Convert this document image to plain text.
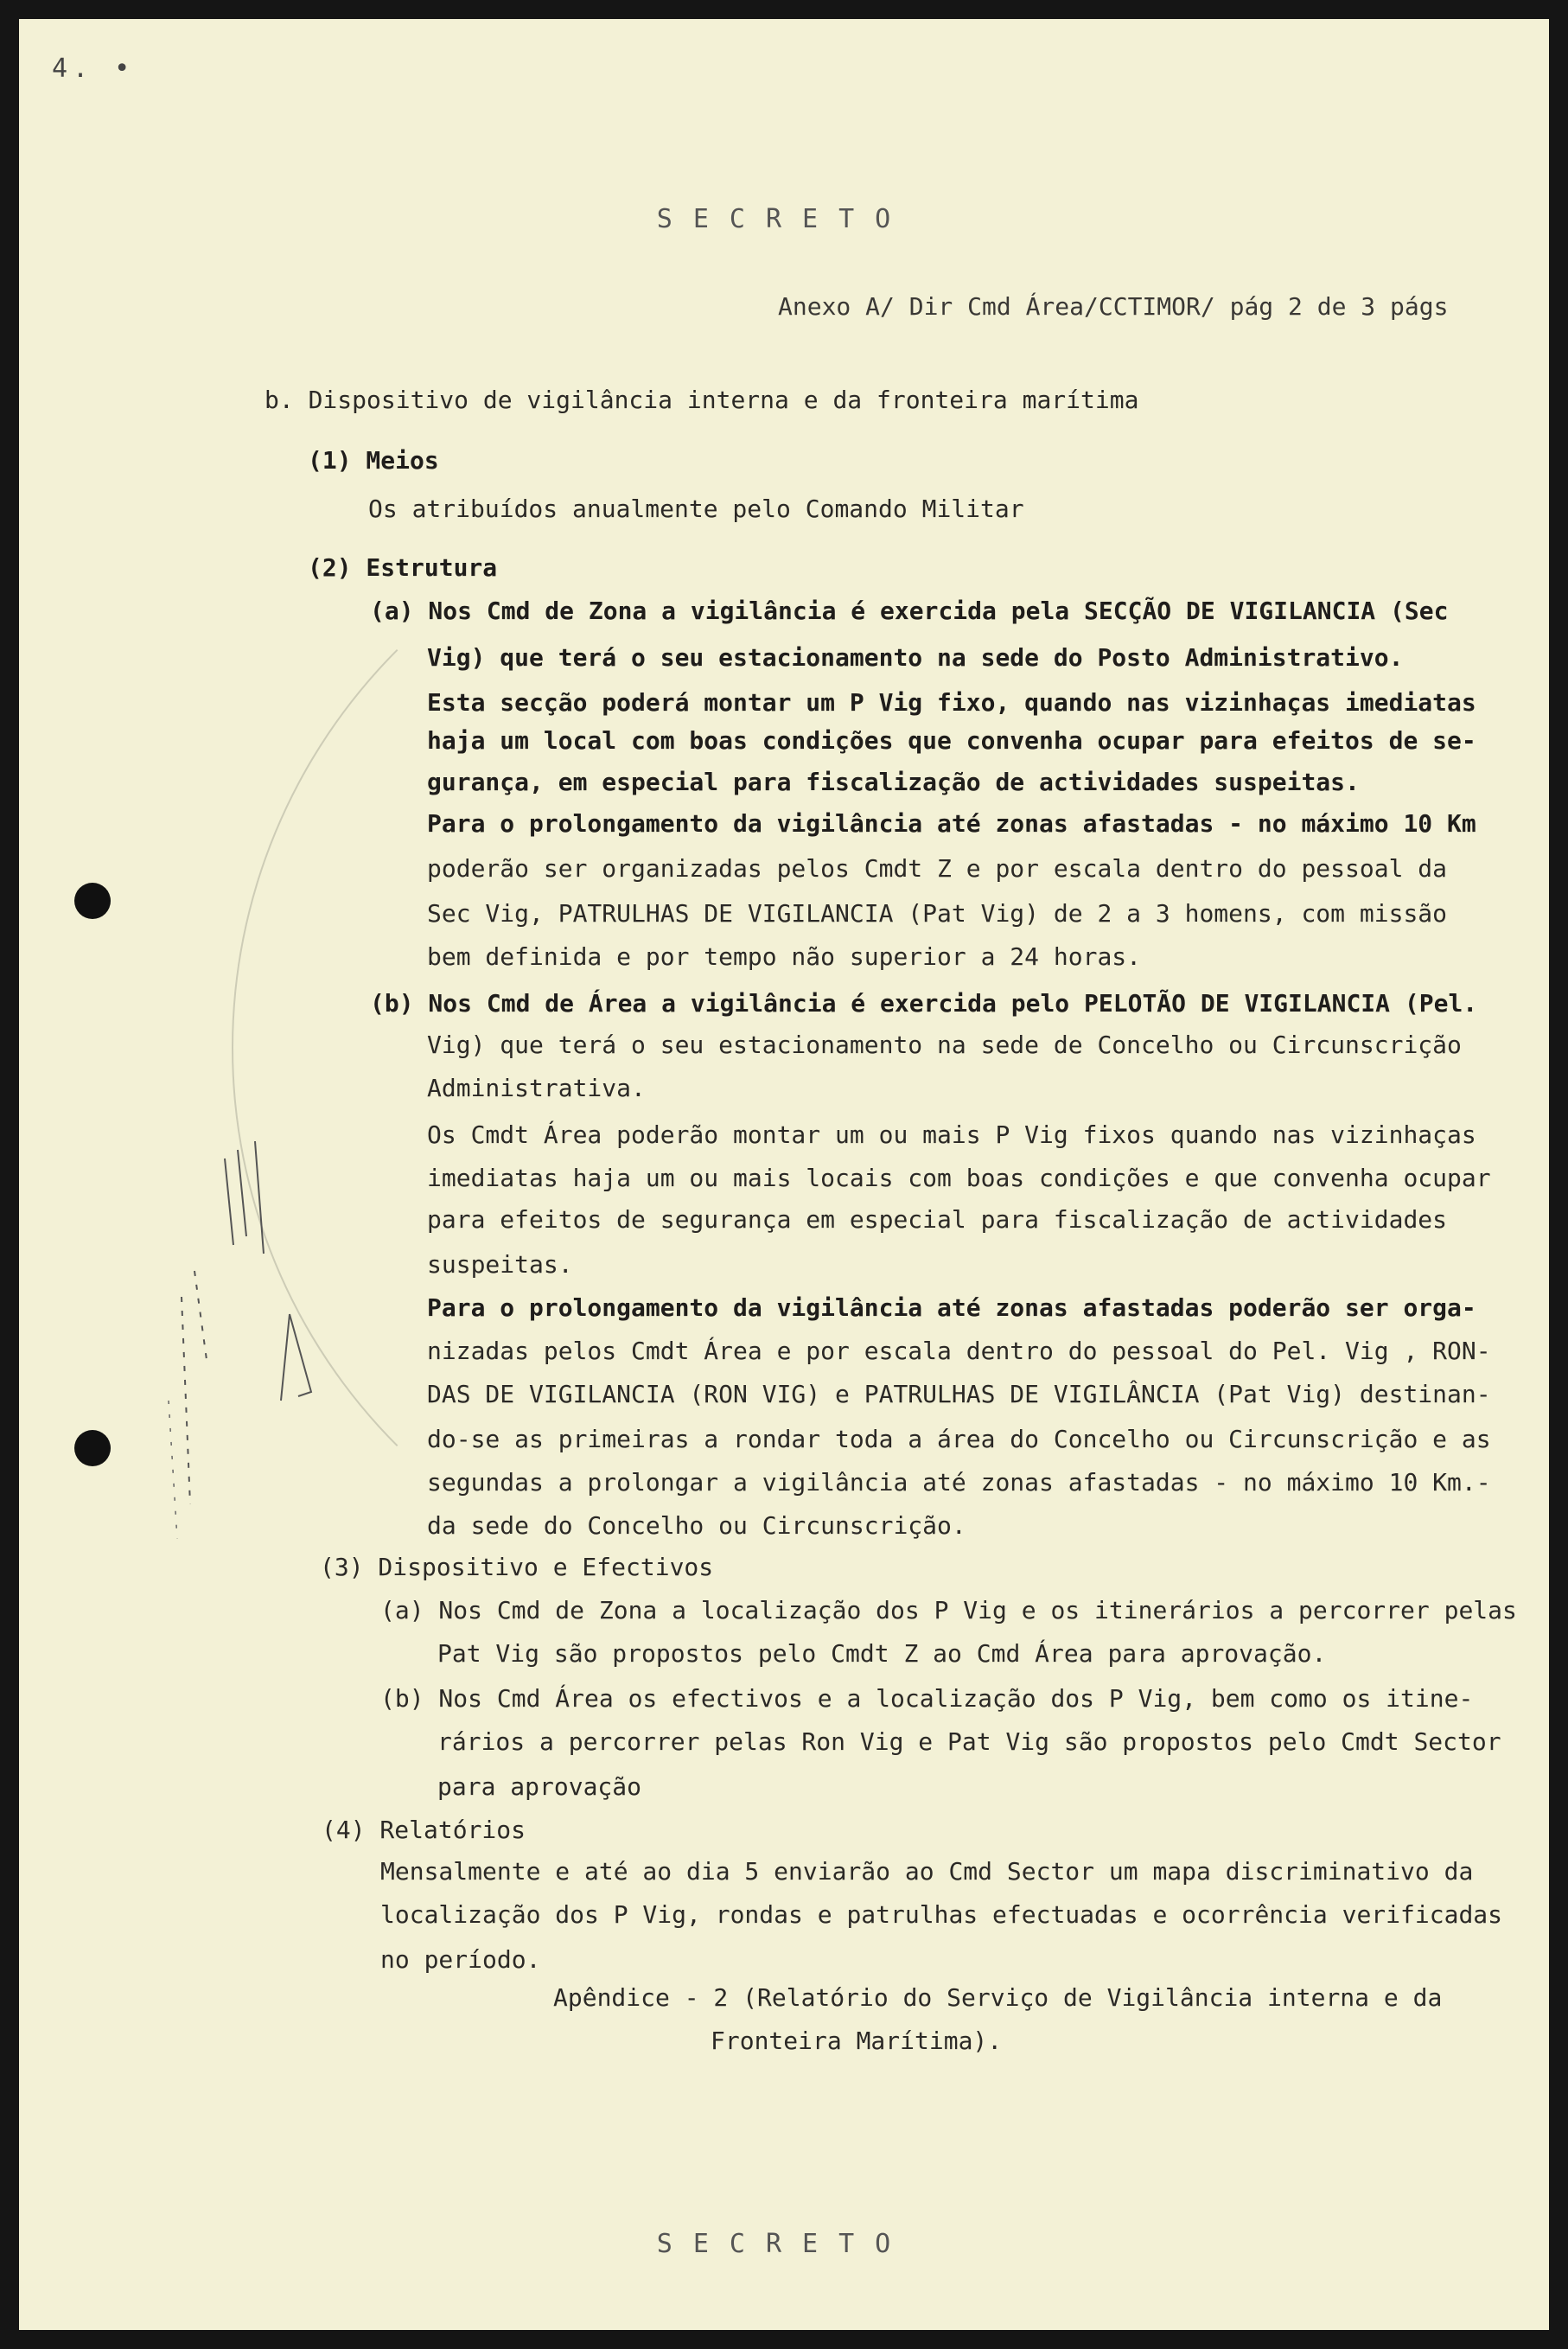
4. •
SECRETO
Anexo A/ Dir Cmd Área/CCTIMOR/ pág 2 de 3 págs
b. Dispositivo de vigilância interna e da fronteira marítima
(1) Meios
Os atribuídos anualmente pelo Comando Militar
(2) Estrutura
(a) Nos Cmd de Zona a vigilância é exercida pela SECÇÃO DE VIGILANCIA (Sec
Vig) que terá o seu estacionamento na sede do Posto Administrativo.
Esta secção poderá montar um P Vig fixo, quando nas vizinhaças imediatas
haja um local com boas condições que convenha ocupar para efeitos de se-
gurança, em especial para fiscalização de actividades suspeitas.
Para o prolongamento da vigilância até zonas afastadas - no máximo 10 Km
poderão ser organizadas pelos Cmdt Z e por escala dentro do pessoal da
Sec Vig, PATRULHAS DE VIGILANCIA (Pat Vig) de 2 a 3 homens, com missão
bem definida e por tempo não superior a 24 horas.
(b) Nos Cmd de Área a vigilância é exercida pelo PELOTÃO DE VIGILANCIA (Pel.
Vig) que terá o seu estacionamento na sede de Concelho ou Circunscrição
Administrativa.
Os Cmdt Área poderão montar um ou mais P Vig fixos quando nas vizinhaças
imediatas haja um ou mais locais com boas condições e que convenha ocupar
para efeitos de segurança em especial para fiscalização de actividades
suspeitas.
Para o prolongamento da vigilância até zonas afastadas poderão ser orga-
nizadas pelos Cmdt Área e por escala dentro do pessoal do Pel. Vig , RON-
DAS DE VIGILANCIA (RON VIG) e PATRULHAS DE VIGILÂNCIA (Pat Vig) destinan-
do-se as primeiras a rondar toda a área do Concelho ou Circunscrição e as
segundas a prolongar a vigilância até zonas afastadas - no máximo 10 Km.-
da sede do Concelho ou Circunscrição.
(3) Dispositivo e Efectivos
(a) Nos Cmd de Zona a localização dos P Vig e os itinerários a percorrer pelas
Pat Vig são propostos pelo Cmdt Z ao Cmd Área para aprovação.
(b) Nos Cmd Área os efectivos e a localização dos P Vig, bem como os itine-
rários a percorrer pelas Ron Vig e Pat Vig são propostos pelo Cmdt Sector
para aprovação
(4) Relatórios
Mensalmente e até ao dia 5 enviarão ao Cmd Sector um mapa discriminativo da
localização dos P Vig, rondas e patrulhas efectuadas e ocorrência verificadas
no período.
Apêndice - 2 (Relatório do Serviço de Vigilância interna e da
Fronteira Marítima).
SECRETO
